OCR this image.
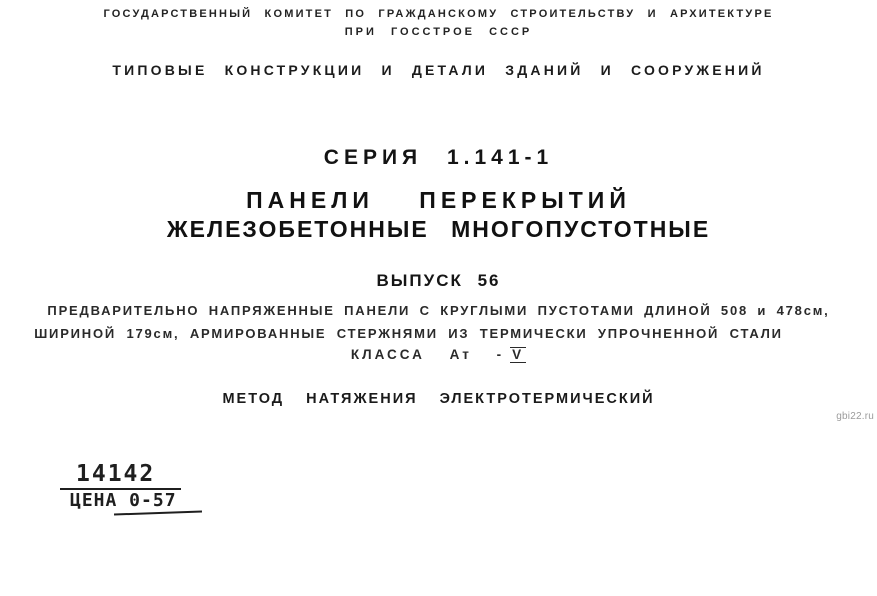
ГОСУДАРСТВЕННЫЙ КОМИТЕТ ПО ГРАЖДАНСКОМУ СТРОИТЕЛЬСТВУ И АРХИТЕКТУРЕ
ПРИ ГОССТРОЕ СССР
ТИПОВЫЕ КОНСТРУКЦИИ И ДЕТАЛИ ЗДАНИЙ И СООРУЖЕНИЙ
СЕРИЯ 1.141-1
ПАНЕЛИ ПЕРЕКРЫТИЙ
ЖЕЛЕЗОБЕТОННЫЕ МНОГОПУСТОТНЫЕ
ВЫПУСК 56
ПРЕДВАРИТЕЛЬНО НАПРЯЖЕННЫЕ ПАНЕЛИ С КРУГЛЫМИ ПУСТОТАМИ ДЛИНОЙ 508 и 478см,
ШИРИНОЙ 179см, АРМИРОВАННЫЕ СТЕРЖНЯМИ ИЗ ТЕРМИЧЕСКИ УПРОЧНЕННОЙ СТАЛИ
КЛАССА Ат - V
МЕТОД НАТЯЖЕНИЯ ЭЛЕКТРОТЕРМИЧЕСКИЙ
gbi22.ru
14142
ЦЕНА 0-57
